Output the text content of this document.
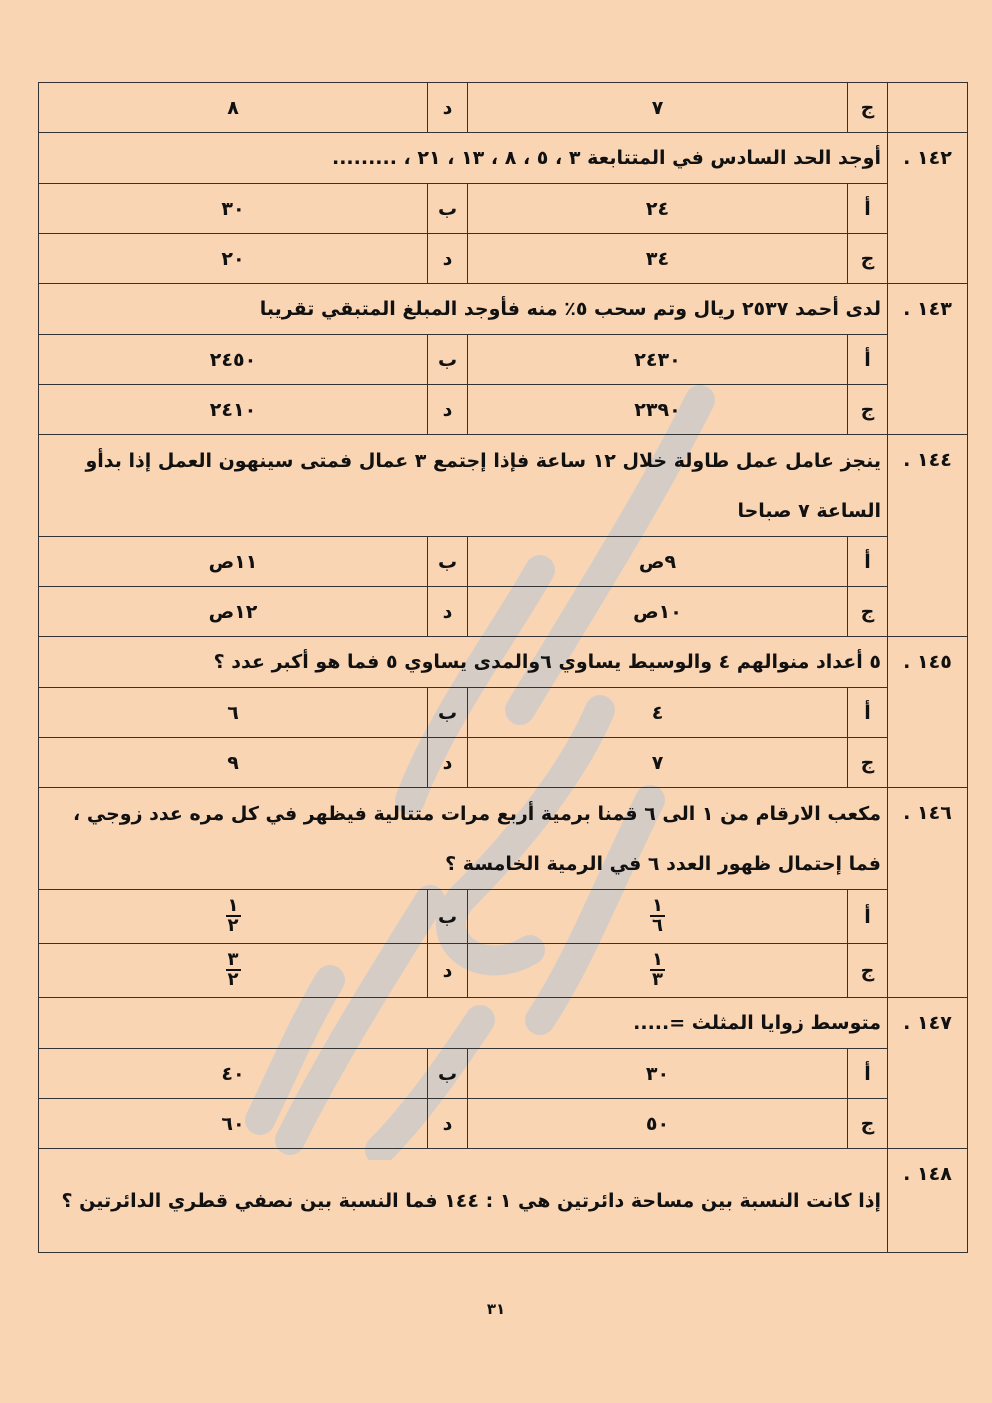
	ج	٧	د	٨
١٤٢ .	أوجد الحد السادس في المتتابعة ٣ ، ٥ ، ٨ ، ١٣ ، ٢١ ، .........			
	أ	٢٤	ب	٣٠
	ج	٣٤	د	٢٠
١٤٣ .	لدى أحمد ٢٥٣٧ ريال وتم سحب ٥٪ منه فأوجد المبلغ المتبقي تقريبا			
	أ	٢٤٣٠	ب	٢٤٥٠
	ج	٢٣٩٠	د	٢٤١٠
١٤٤ .	ينجز عامل عمل طاولة خلال ١٢ ساعة فإذا إجتمع ٣ عمال فمتى سينهون العمل إذا بدأو الساعة ٧ صباحا			
	أ	٩ص	ب	١١ص
	ج	١٠ص	د	١٢ص
١٤٥ .	٥ أعداد منوالهم ٤ والوسيط يساوي ٦والمدى يساوي ٥ فما هو أكبر عدد ؟			
	أ	٤	ب	٦
	ج	٧	د	٩
١٤٦ .	مكعب الارقام من ١ الى ٦ قمنا برمية أربع مرات متتالية فيظهر في كل مره عدد زوجي ، فما إحتمال ظهور العدد ٦ في الرمية الخامسة ؟			
	أ	$\frac{١}{٦}$	ب	$\frac{١}{٢}$

	ج	$\frac{١}{٣}$	د	$\frac{٣}{٢}$

١٤٧ .	متوسط زوايا المثلث =.....			
	أ	٣٠	ب	٤٠
	ج	٥٠	د	٦٠
١٤٨ .	إذا كانت النسبة بين مساحة دائرتين هي ١ : ١٤٤ فما النسبة بين نصفي قطري الدائرتين ؟			
٣١
